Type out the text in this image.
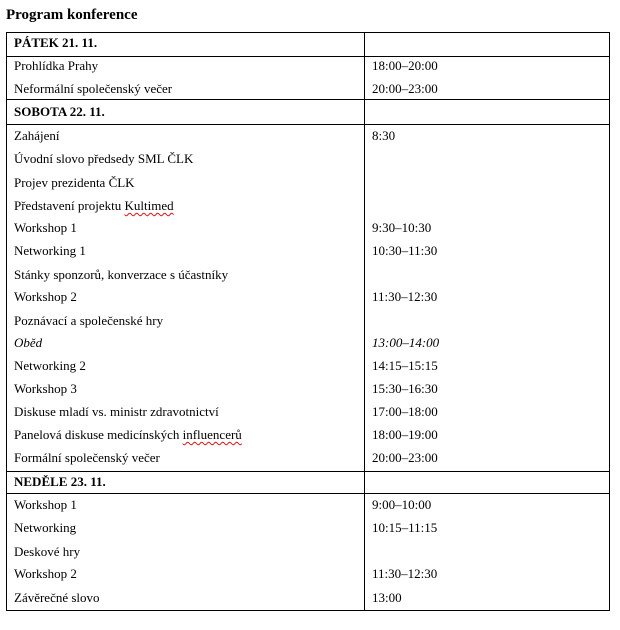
Program konference
PÁTEK 21. 11.
Prohlídka Prahy	18:00–20:00
Neformální společenský večer	20:00–23:00
SOBOTA 22. 11.
Zahájení	8:30
Úvodní slovo předsedy SML ČLK
Projev prezidenta ČLK
Představení projektu Kultimed
Workshop 1	9:30–10:30
Networking 1	10:30–11:30
Stánky sponzorů, konverzace s účastníky
Workshop 2	11:30–12:30
Poznávací a společenské hry
Oběd	13:00–14:00
Networking 2	14:15–15:15
Workshop 3	15:30–16:30
Diskuse mladí vs. ministr zdravotnictví	17:00–18:00
Panelová diskuse medicínských influencerů	18:00–19:00
Formální společenský večer	20:00–23:00
NEDĚLE 23. 11.
Workshop 1	9:00–10:00
Networking	10:15–11:15
Deskové hry
Workshop 2	11:30–12:30
Závěrečné slovo	13:00
